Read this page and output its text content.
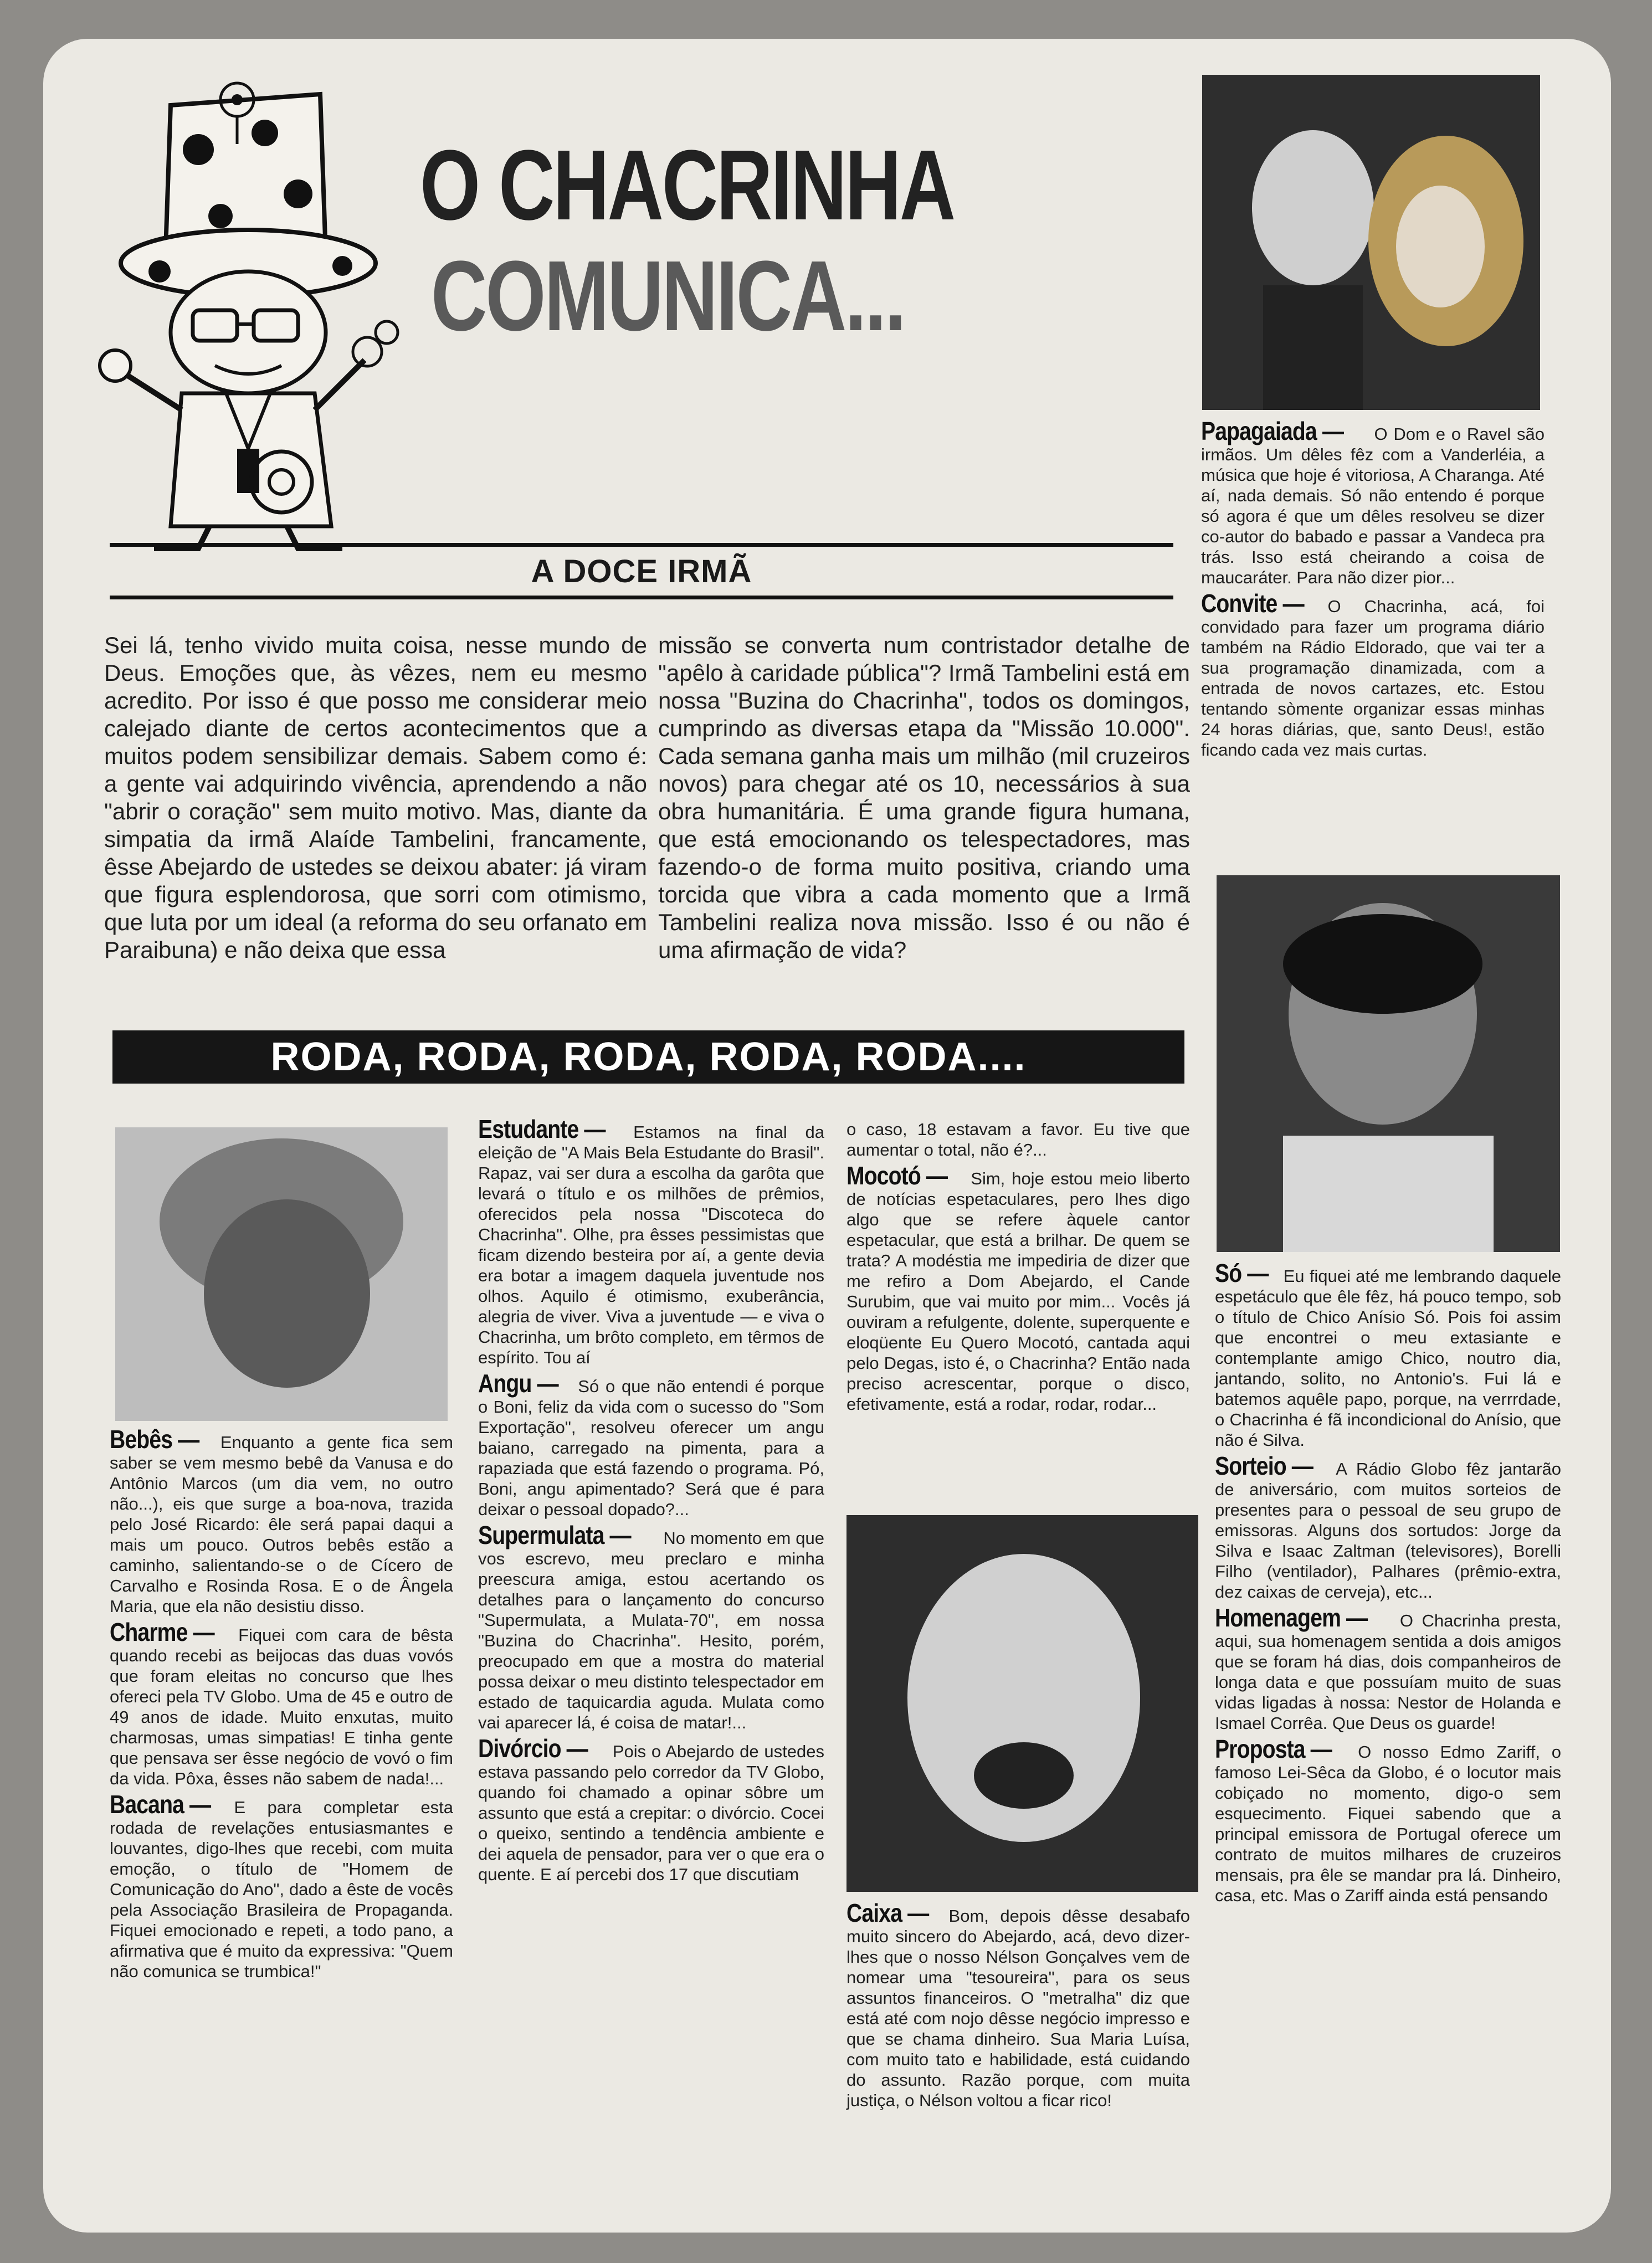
O CHACRINHA
COMUNICA...
A DOCE IRMÃ
Sei lá, tenho vivido muita coisa, nesse mundo de Deus. Emoções que, às vêzes, nem eu mesmo acredito. Por isso é que posso me considerar meio calejado diante de certos acontecimentos que a muitos podem sensibilizar demais. Sabem como é: a gente vai adquirindo vivência, aprendendo a não "abrir o coração" sem muito motivo. Mas, diante da simpatia da irmã Alaíde Tambelini, francamente, êsse Abejardo de ustedes se deixou abater: já viram que figura esplendorosa, que sorri com otimismo, que luta por um ideal (a reforma do seu orfanato em Paraibuna) e não deixa que essa
missão se converta num contristador detalhe de "apêlo à caridade pública"? Irmã Tambelini está em nossa "Buzina do Chacrinha", todos os domingos, cumprindo as diversas etapa da "Missão 10.000". Cada semana ganha mais um milhão (mil cruzeiros novos) para chegar até os 10, necessários à sua obra humanitária. É uma grande figura humana, que está emocionando os telespectadores, mas fazendo-o de forma muito positiva, criando uma torcida que vibra a cada momento que a Irmã Tambelini realiza nova missão. Isso é ou não é uma afirmação de vida?

Papagaiada — O Dom e o Ravel são irmãos. Um dêles fêz com a Vanderléia, a música que hoje é vitoriosa, A Charanga. Até aí, nada demais. Só não entendo é porque só agora é que um dêles resolveu se dizer co-autor do babado e passar a Vandeca pra trás. Isso está cheirando a coisa de maucaráter. Para não dizer pior...

Convite — O Chacrinha, acá, foi convidado para fazer um programa diário também na Rádio Eldorado, que vai ter a sua programação dinamizada, com a entrada de novos cartazes, etc. Estou tentando sòmente organizar essas minhas 24 horas diárias, que, santo Deus!, estão ficando cada vez mais curtas.

Só — Eu fiquei até me lembrando daquele espetáculo que êle fêz, há pouco tempo, sob o título de Chico Anísio Só. Pois foi assim que encontrei o meu extasiante e contemplante amigo Chico, noutro dia, jantando, solito, no Antonio's. Fui lá e batemos aquêle papo, porque, na verrrdade, o Chacrinha é fã incondicional do Anísio, que não é Silva.

Sorteio — A Rádio Globo fêz jantarão de aniversário, com muitos sorteios de presentes para o pessoal de seu grupo de emissoras. Alguns dos sortudos: Jorge da Silva e Isaac Zaltman (televisores), Borelli Filho (ventilador), Palhares (prêmio-extra, dez caixas de cerveja), etc...

Homenagem — O Chacrinha presta, aqui, sua homenagem sentida a dois amigos que se foram há dias, dois companheiros de longa data e que possuíam muito de suas vidas ligadas à nossa: Nestor de Holanda e Ismael Corrêa. Que Deus os guarde!

Proposta — O nosso Edmo Zariff, o famoso Lei-Sêca da Globo, é o locutor mais cobiçado no momento, digo-o sem esquecimento. Fiquei sabendo que a principal emissora de Portugal oferece um contrato de muitos milhares de cruzeiros mensais, pra êle se mandar pra lá. Dinheiro, casa, etc. Mas o Zariff ainda está pensando

RODA, RODA, RODA, RODA, RODA....

Bebês — Enquanto a gente fica sem saber se vem mesmo bebê da Vanusa e do Antônio Marcos (um dia vem, no outro não...), eis que surge a boa-nova, trazida pelo José Ricardo: êle será papai daqui a mais um pouco. Outros bebês estão a caminho, salientando-se o de Cícero de Carvalho e Rosinda Rosa. E o de Ângela Maria, que ela não desistiu disso.

Charme — Fiquei com cara de bêsta quando recebi as beijocas das duas vovós que foram eleitas no concurso que lhes ofereci pela TV Globo. Uma de 45 e outro de 49 anos de idade. Muito enxutas, muito charmosas, umas simpatias! E tinha gente que pensava ser êsse negócio de vovó o fim da vida. Pôxa, êsses não sabem de nada!...

Bacana — E para completar esta rodada de revelações entusiasmantes e louvantes, digo-lhes que recebi, com muita emoção, o título de "Homem de Comunicação do Ano", dado a êste de vocês pela Associação Brasileira de Propaganda. Fiquei emocionado e repeti, a todo pano, a afirmativa que é muito da expressiva: "Quem não comunica se trumbica!"

Estudante — Estamos na final da eleição de "A Mais Bela Estudante do Brasil". Rapaz, vai ser dura a escolha da garôta que levará o título e os milhões de prêmios, oferecidos pela nossa "Discoteca do Chacrinha". Olhe, pra êsses pessimistas que ficam dizendo besteira por aí, a gente devia era botar a imagem daquela juventude nos olhos. Aquilo é otimismo, exuberância, alegria de viver. Viva a juventude — e viva o Chacrinha, um brôto completo, em têrmos de espírito. Tou aí

Angu — Só o que não entendi é porque o Boni, feliz da vida com o sucesso do "Som Exportação", resolveu oferecer um angu baiano, carregado na pimenta, para a rapaziada que está fazendo o programa. Pó, Boni, angu apimentado? Será que é para deixar o pessoal dopado?...

Supermulata — No momento em que vos escrevo, meu preclaro e minha preescura amiga, estou acertando os detalhes para o lançamento do concurso "Supermulata, a Mulata-70", em nossa "Buzina do Chacrinha". Hesito, porém, preocupado em que a mostra do material possa deixar o meu distinto telespectador em estado de taquicardia aguda. Mulata como vai aparecer lá, é coisa de matar!...

Divórcio — Pois o Abejardo de ustedes estava passando pelo corredor da TV Globo, quando foi chamado a opinar sôbre um assunto que está a crepitar: o divórcio. Cocei o queixo, sentindo a tendência ambiente e dei aquela de pensador, para ver o que era o quente. E aí percebi dos 17 que discutiam

o caso, 18 estavam a favor. Eu tive que aumentar o total, não é?...

Mocotó — Sim, hoje estou meio liberto de notícias espetaculares, pero lhes digo algo que se refere àquele cantor espetacular, que está a brilhar. De quem se trata? A modéstia me impediria de dizer que me refiro a Dom Abejardo, el Cande Surubim, que vai muito por mim... Vocês já ouviram a refulgente, dolente, superquente e eloqüente Eu Quero Mocotó, cantada aqui pelo Degas, isto é, o Chacrinha? Então nada preciso acrescentar, porque o disco, efetivamente, está a rodar, rodar, rodar...

Caixa — Bom, depois dêsse desabafo muito sincero do Abejardo, acá, devo dizer-lhes que o nosso Nélson Gonçalves vem de nomear uma "tesoureira", para os seus assuntos financeiros. O "metralha" diz que está até com nojo dêsse negócio impresso e que se chama dinheiro. Sua Maria Luísa, com muito tato e habilidade, está cuidando do assunto. Razão porque, com muita justiça, o Nélson voltou a ficar rico!
